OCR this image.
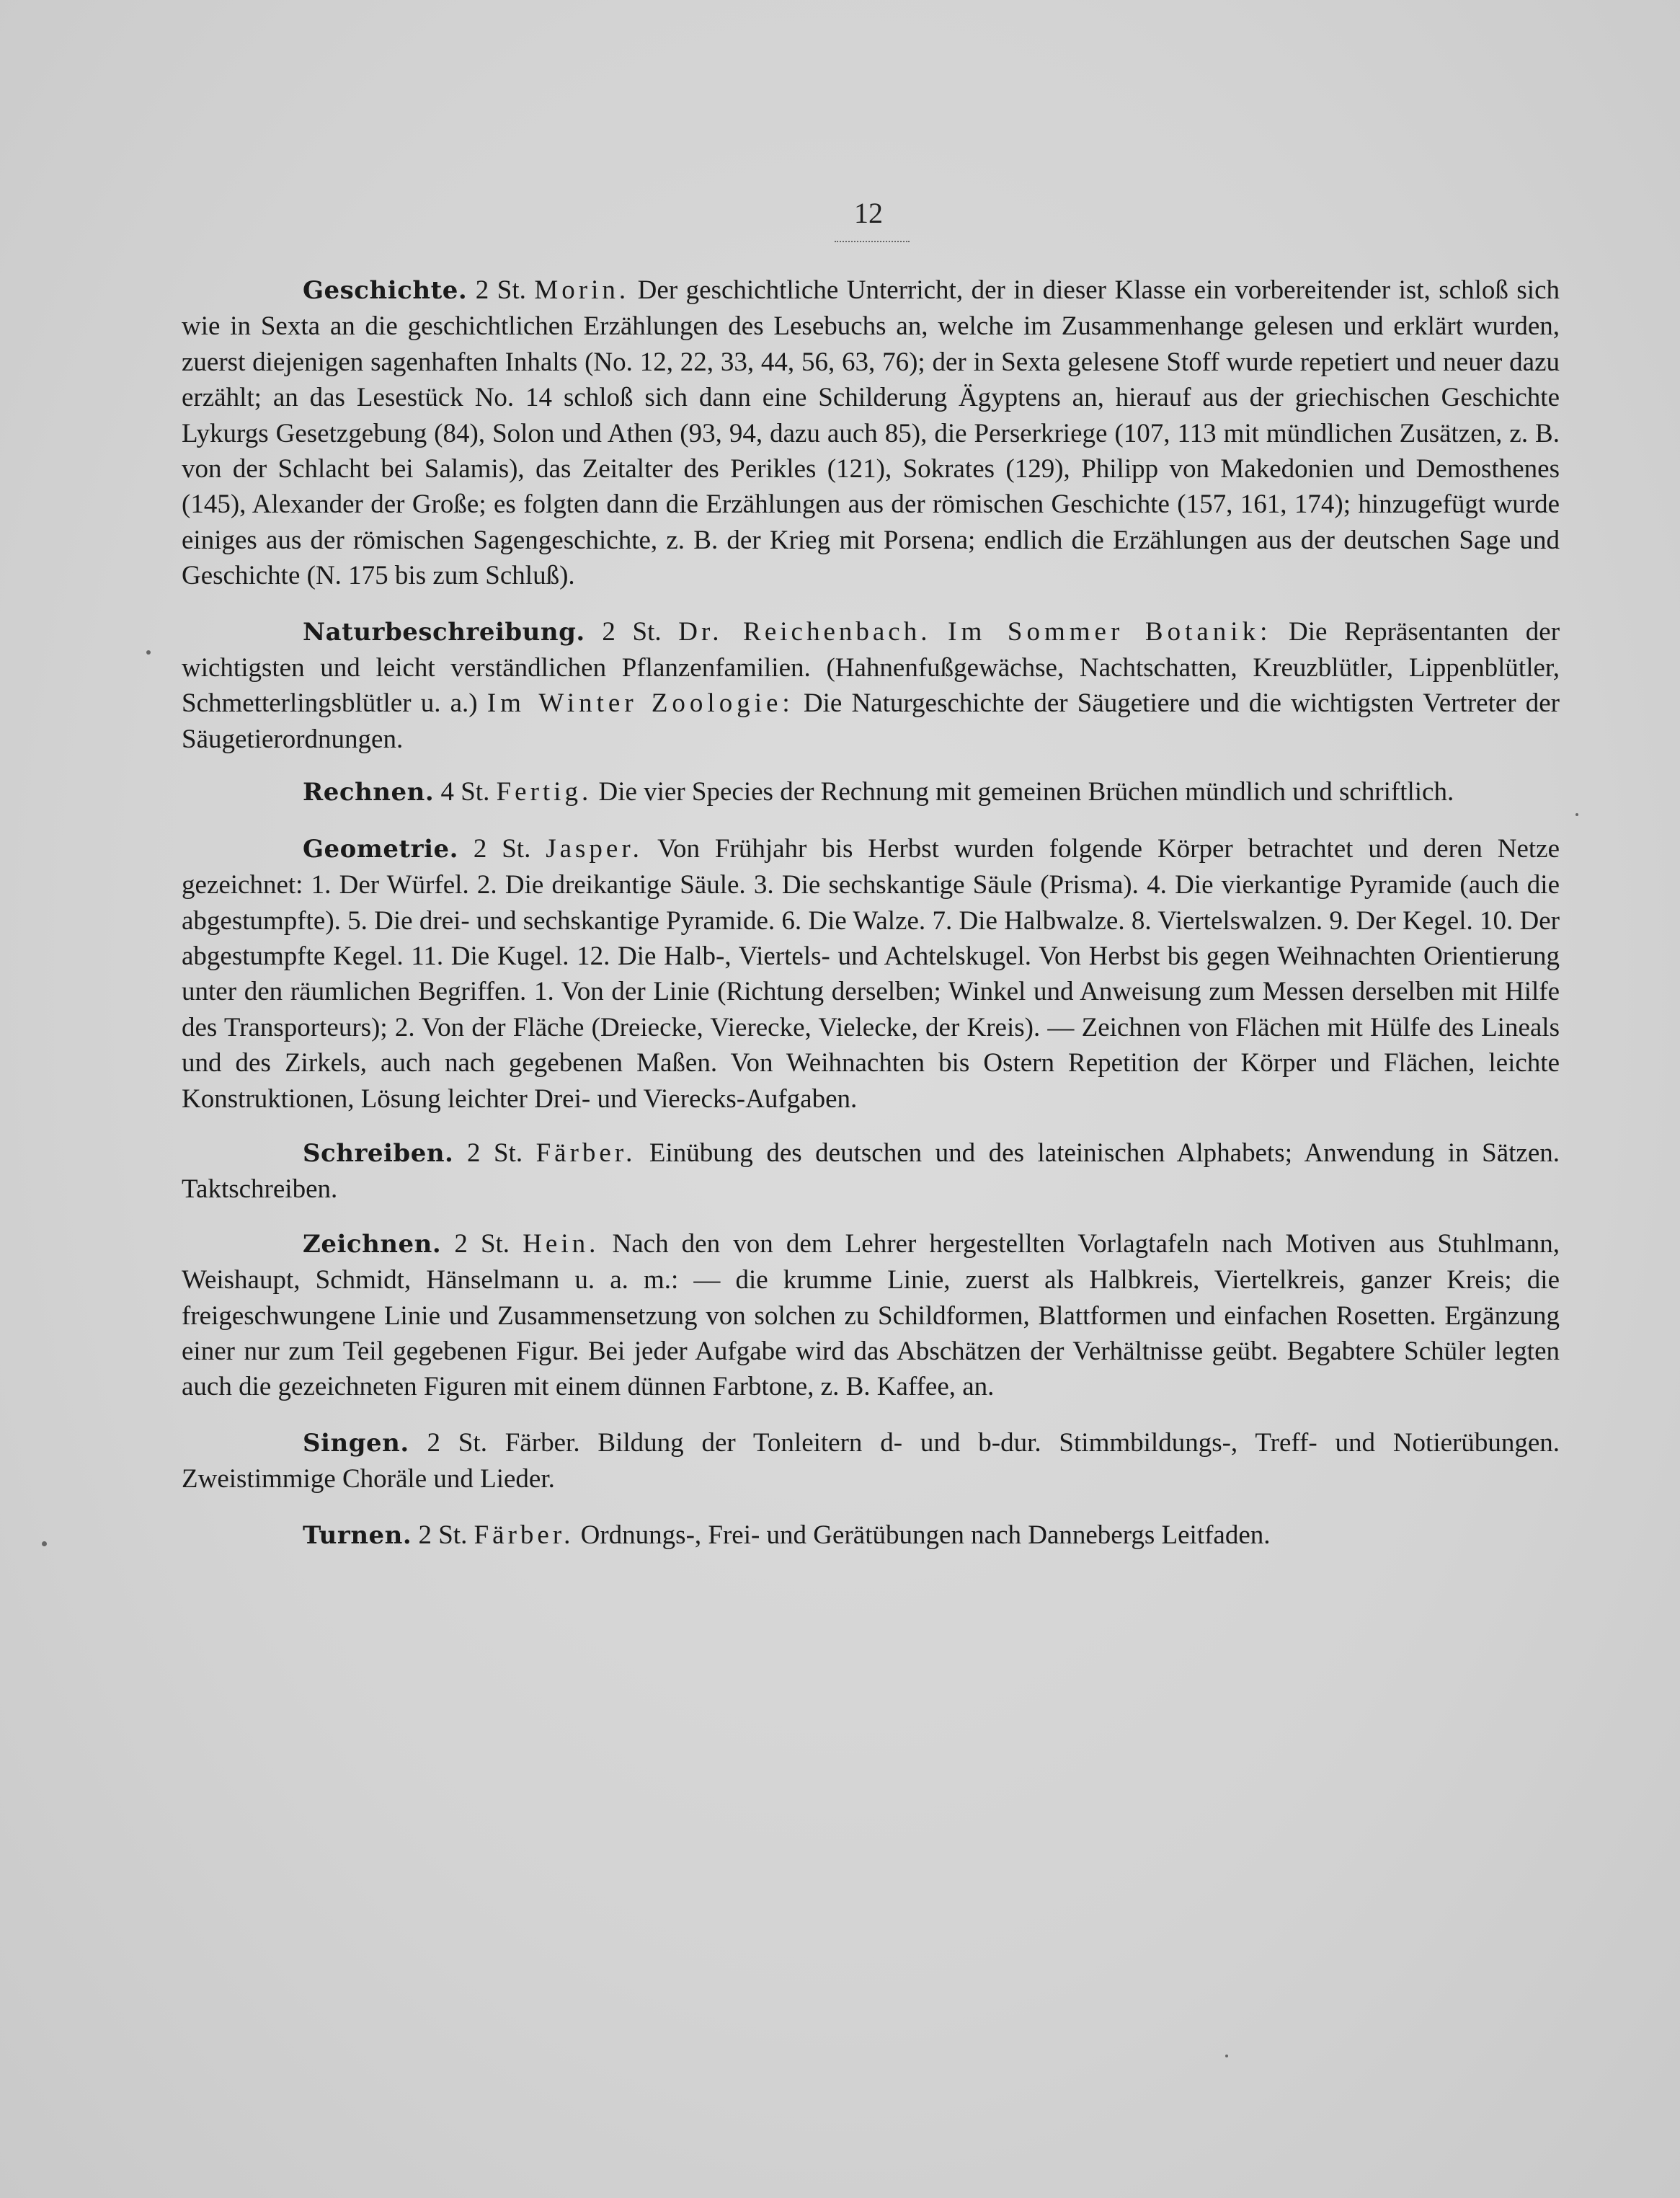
12

Geschichte. 2 St. Morin. Der geschichtliche Unterricht, der in dieser Klasse ein vorbereitender ist, schloß sich wie in Sexta an die geschichtlichen Erzählungen des Lesebuchs an, welche im Zusammenhange gelesen und erklärt wurden, zuerst diejenigen sagenhaften Inhalts (No. 12, 22, 33, 44, 56, 63, 76); der in Sexta gelesene Stoff wurde repetiert und neuer dazu erzählt; an das Lesestück No. 14 schloß sich dann eine Schilderung Ägyptens an, hierauf aus der griechischen Geschichte Lykurgs Gesetzgebung (84), Solon und Athen (93, 94, dazu auch 85), die Perserkriege (107, 113 mit mündlichen Zusätzen, z. B. von der Schlacht bei Salamis), das Zeitalter des Perikles (121), Sokrates (129), Philipp von Makedonien und Demosthenes (145), Alexander der Große; es folgten dann die Erzählungen aus der römischen Geschichte (157, 161, 174); hinzugefügt wurde einiges aus der römischen Sagengeschichte, z. B. der Krieg mit Porsena; endlich die Erzählungen aus der deutschen Sage und Geschichte (N. 175 bis zum Schluß).

Naturbeschreibung. 2 St. Dr. Reichenbach. Im Sommer Botanik: Die Repräsentanten der wichtigsten und leicht verständlichen Pflanzenfamilien. (Hahnenfußgewächse, Nachtschatten, Kreuzblütler, Lippenblütler, Schmetterlingsblütler u. a.) Im Winter Zoologie: Die Naturgeschichte der Säugetiere und die wichtigsten Vertreter der Säugetierordnungen.

Rechnen. 4 St. Fertig. Die vier Species der Rechnung mit gemeinen Brüchen mündlich und schriftlich.

Geometrie. 2 St. Jasper. Von Frühjahr bis Herbst wurden folgende Körper betrachtet und deren Netze gezeichnet: 1. Der Würfel. 2. Die dreikantige Säule. 3. Die sechskantige Säule (Prisma). 4. Die vierkantige Pyramide (auch die abgestumpfte). 5. Die drei- und sechskantige Pyramide. 6. Die Walze. 7. Die Halbwalze. 8. Viertelswalzen. 9. Der Kegel. 10. Der abgestumpfte Kegel. 11. Die Kugel. 12. Die Halb-, Viertels- und Achtelskugel. Von Herbst bis gegen Weihnachten Orientierung unter den räumlichen Begriffen. 1. Von der Linie (Richtung derselben; Winkel und Anweisung zum Messen derselben mit Hilfe des Transporteurs); 2. Von der Fläche (Dreiecke, Vierecke, Vielecke, der Kreis). — Zeichnen von Flächen mit Hülfe des Lineals und des Zirkels, auch nach gegebenen Maßen. Von Weihnachten bis Ostern Repetition der Körper und Flächen, leichte Konstruktionen, Lösung leichter Drei- und Vierecks-Aufgaben.

Schreiben. 2 St. Färber. Einübung des deutschen und des lateinischen Alphabets; Anwendung in Sätzen. Taktschreiben.

Zeichnen. 2 St. Hein. Nach den von dem Lehrer hergestellten Vorlagtafeln nach Motiven aus Stuhlmann, Weishaupt, Schmidt, Hänselmann u. a. m.: — die krumme Linie, zuerst als Halbkreis, Viertelkreis, ganzer Kreis; die freigeschwungene Linie und Zusammensetzung von solchen zu Schildformen, Blattformen und einfachen Rosetten. Ergänzung einer nur zum Teil gegebenen Figur. Bei jeder Aufgabe wird das Abschätzen der Verhältnisse geübt. Begabtere Schüler legten auch die gezeichneten Figuren mit einem dünnen Farbtone, z. B. Kaffee, an.

Singen. 2 St. Färber. Bildung der Tonleitern d- und b-dur. Stimmbildungs-, Treff- und Notierübungen. Zweistimmige Choräle und Lieder.

Turnen. 2 St. Färber. Ordnungs-, Frei- und Gerätübungen nach Dannebergs Leitfaden.
